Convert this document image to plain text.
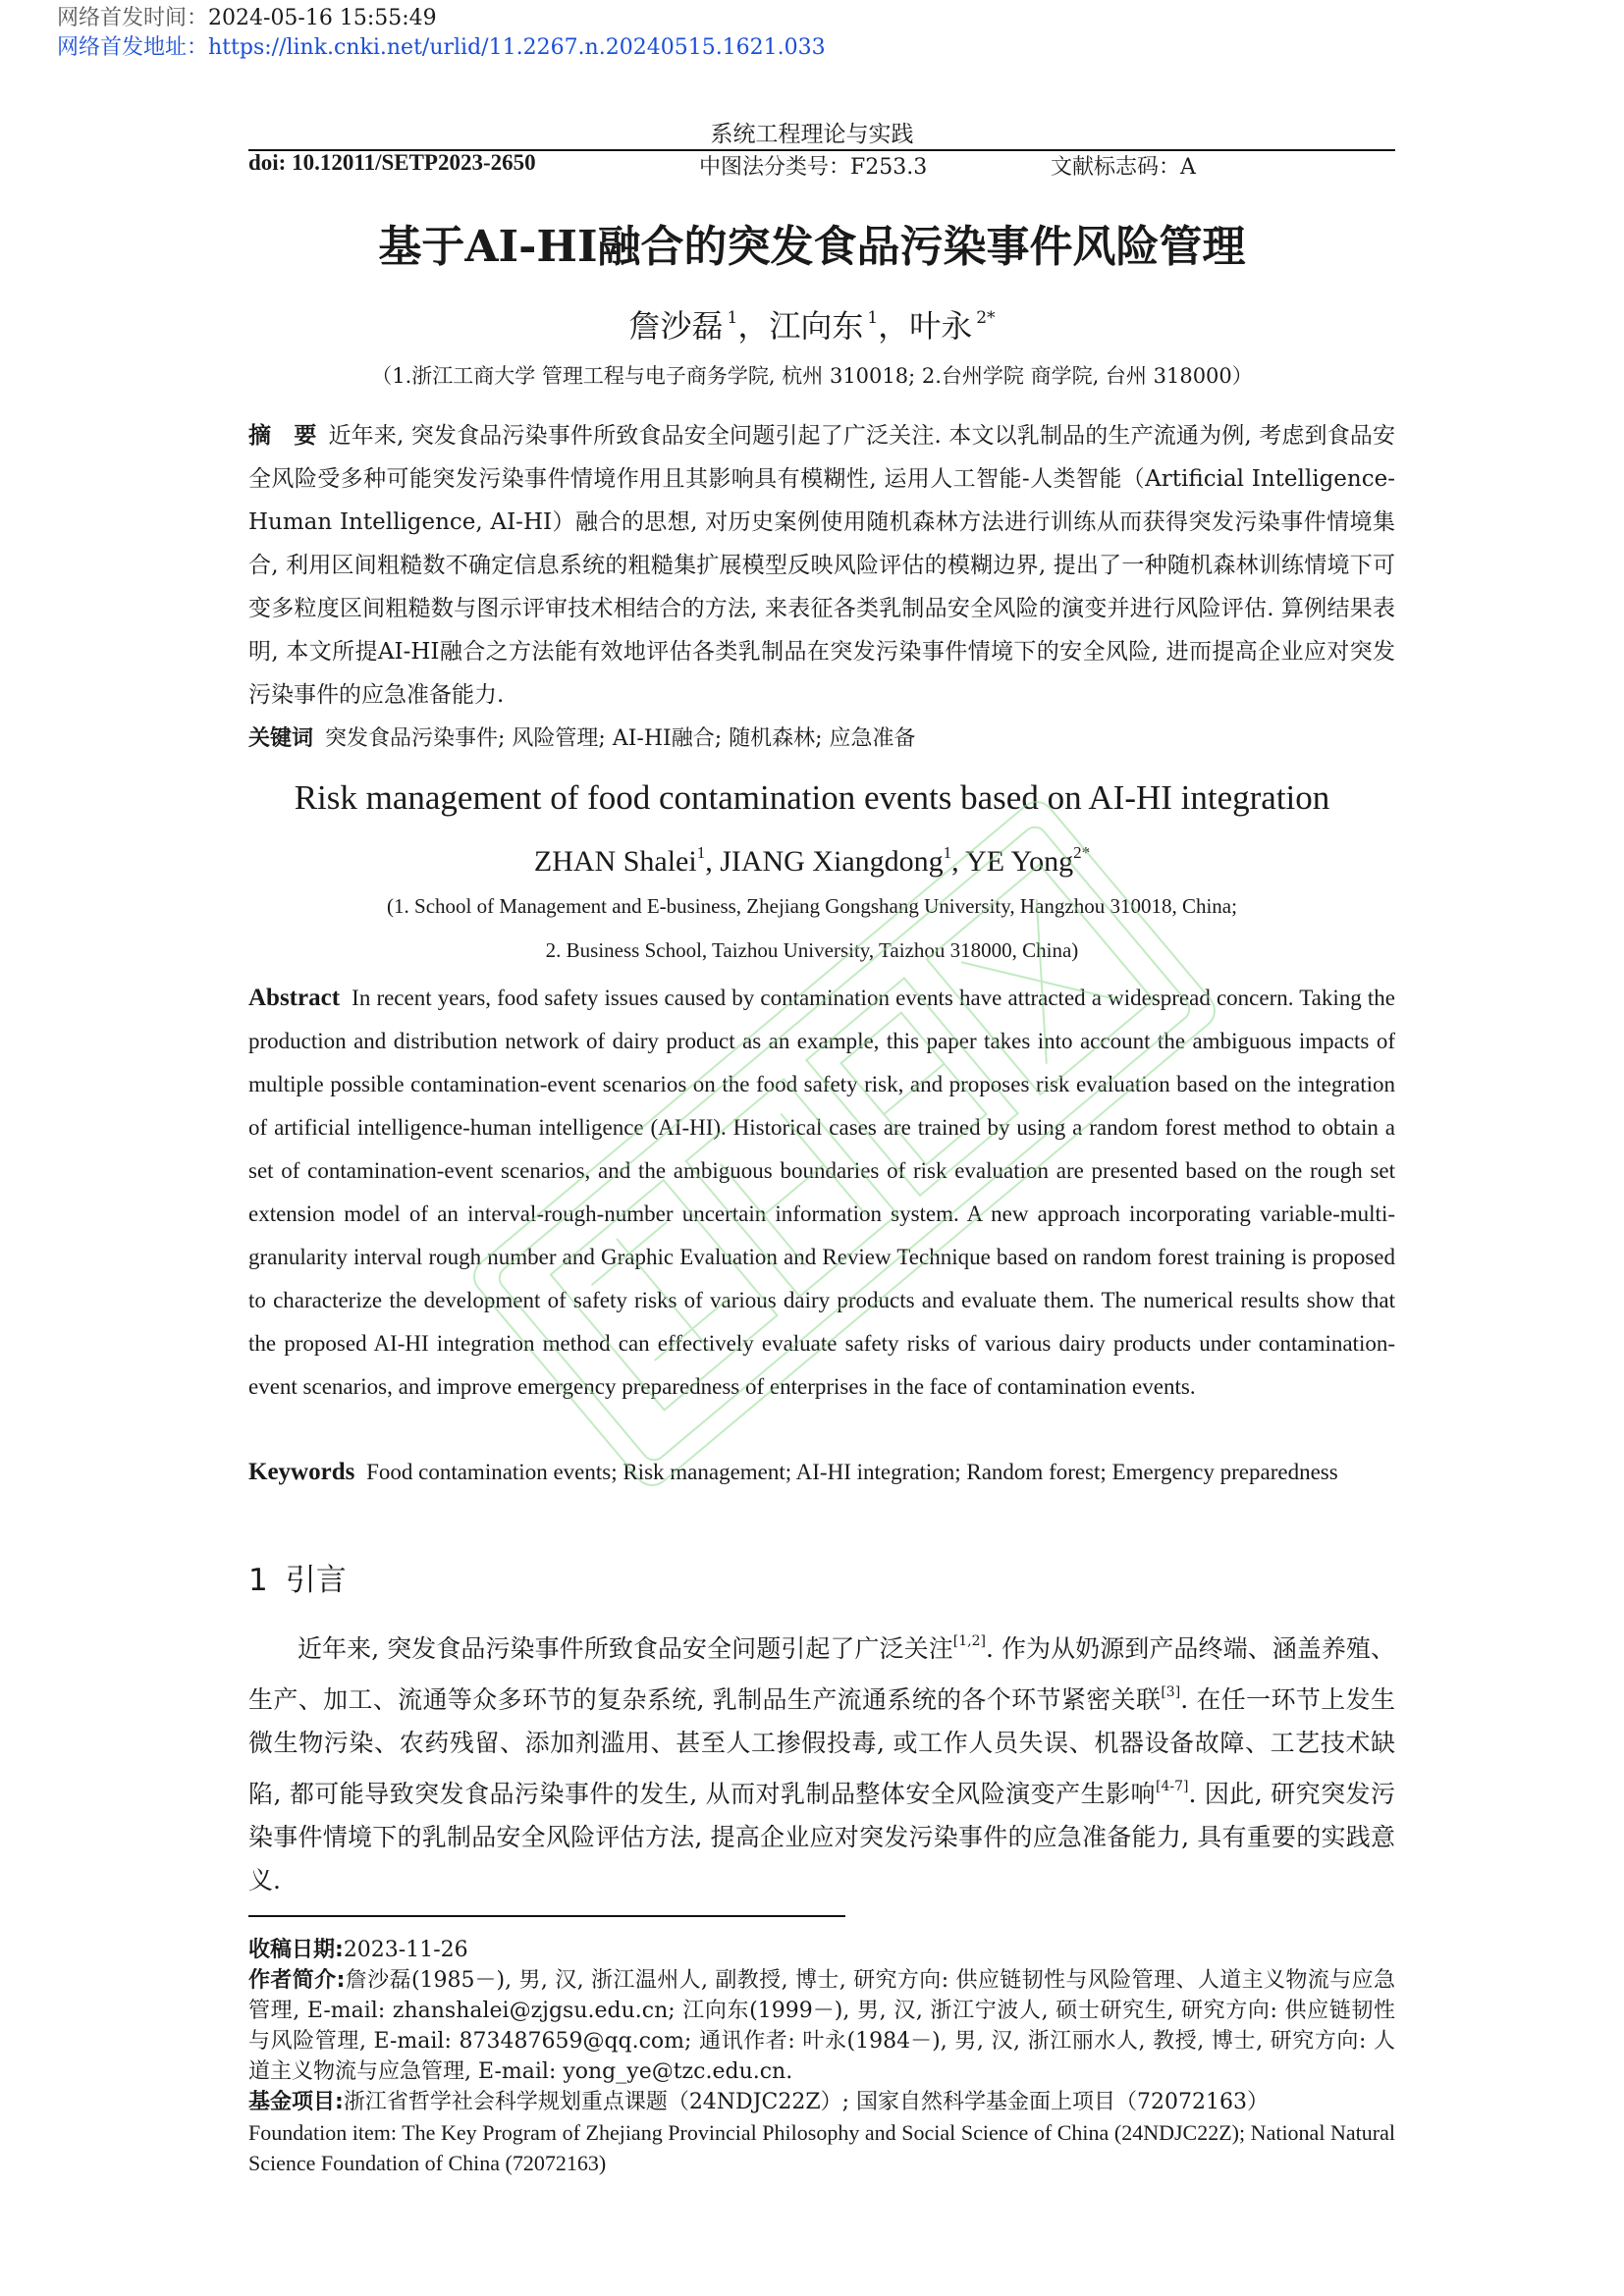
网络首发时间：2024-05-16 15:55:49
网络首发地址：https://link.cnki.net/urlid/11.2267.n.20240515.1621.033
系统工程理论与实践
doi: 10.12011/SETP2023-2650	中图法分类号：F253.3	文献标志码：A
基于AI-HI融合的突发食品污染事件风险管理
詹沙磊 $^1$，江向东 $^1$，叶永 $^{2*}$
（1.浙江工商大学 管理工程与电子商务学院, 杭州 310018; 2.台州学院 商学院, 台州 318000）
摘　要 近年来, 突发食品污染事件所致食品安全问题引起了广泛关注. 本文以乳制品的生产流通为例, 考虑到食品安全风险受多种可能突发污染事件情境作用且其影响具有模糊性, 运用人工智能-人类智能（Artificial Intelligence-Human Intelligence, AI-HI）融合的思想, 对历史案例使用随机森林方法进行训练从而获得突发污染事件情境集合, 利用区间粗糙数不确定信息系统的粗糙集扩展模型反映风险评估的模糊边界, 提出了一种随机森林训练情境下可变多粒度区间粗糙数与图示评审技术相结合的方法, 来表征各类乳制品安全风险的演变并进行风险评估. 算例结果表明, 本文所提AI-HI融合之方法能有效地评估各类乳制品在突发污染事件情境下的安全风险, 进而提高企业应对突发污染事件的应急准备能力.
关键词 突发食品污染事件; 风险管理; AI-HI融合; 随机森林; 应急准备
Risk management of food contamination events based on AI-HI integration
ZHAN Shalei$^1$, JIANG Xiangdong$^1$, YE Yong$^{2*}$
(1. School of Management and E-business, Zhejiang Gongshang University, Hangzhou 310018, China;
2. Business School, Taizhou University, Taizhou 318000, China)
Abstract In recent years, food safety issues caused by contamination events have attracted a widespread concern. Taking the production and distribution network of dairy product as an example, this paper takes into account the ambiguous impacts of multiple possible contamination-event scenarios on the food safety risk, and proposes risk evaluation based on the integration of artificial intelligence-human intelligence (AI-HI). Historical cases are trained by using a random forest method to obtain a set of contamination-event scenarios, and the ambiguous boundaries of risk evaluation are presented based on the rough set extension model of an interval-rough-number uncertain information system. A new approach incorporating variable-multi-granularity interval rough number and Graphic Evaluation and Review Technique based on random forest training is proposed to characterize the development of safety risks of various dairy products and evaluate them. The numerical results show that the proposed AI-HI integration method can effectively evaluate safety risks of various dairy products under contamination-event scenarios, and improve emergency preparedness of enterprises in the face of contamination events.
Keywords Food contamination events; Risk management; AI-HI integration; Random forest; Emergency preparedness
1 引言
近年来, 突发食品污染事件所致食品安全问题引起了广泛关注[1,2]. 作为从奶源到产品终端、涵盖养殖、生产、加工、流通等众多环节的复杂系统, 乳制品生产流通系统的各个环节紧密关联[3]. 在任一环节上发生微生物污染、农药残留、添加剂滥用、甚至人工掺假投毒, 或工作人员失误、机器设备故障、工艺技术缺陷, 都可能导致突发食品污染事件的发生, 从而对乳制品整体安全风险演变产生影响[4-7]. 因此, 研究突发污染事件情境下的乳制品安全风险评估方法, 提高企业应对突发污染事件的应急准备能力, 具有重要的实践意义.

收稿日期:2023-11-26

作者简介:詹沙磊(1985－), 男, 汉, 浙江温州人, 副教授, 博士, 研究方向: 供应链韧性与风险管理、人道主义物流与应急管理, E-mail: zhanshalei@zjgsu.edu.cn; 江向东(1999－), 男, 汉, 浙江宁波人, 硕士研究生, 研究方向: 供应链韧性与风险管理, E-mail: 873487659@qq.com; 通讯作者: 叶永(1984－), 男, 汉, 浙江丽水人, 教授, 博士, 研究方向: 人道主义物流与应急管理, E-mail: yong_ye@tzc.edu.cn.

基金项目:浙江省哲学社会科学规划重点课题（24NDJC22Z）; 国家自然科学基金面上项目（72072163）

Foundation item: The Key Program of Zhejiang Provincial Philosophy and Social Science of China (24NDJC22Z); National Natural Science Foundation of China (72072163)
